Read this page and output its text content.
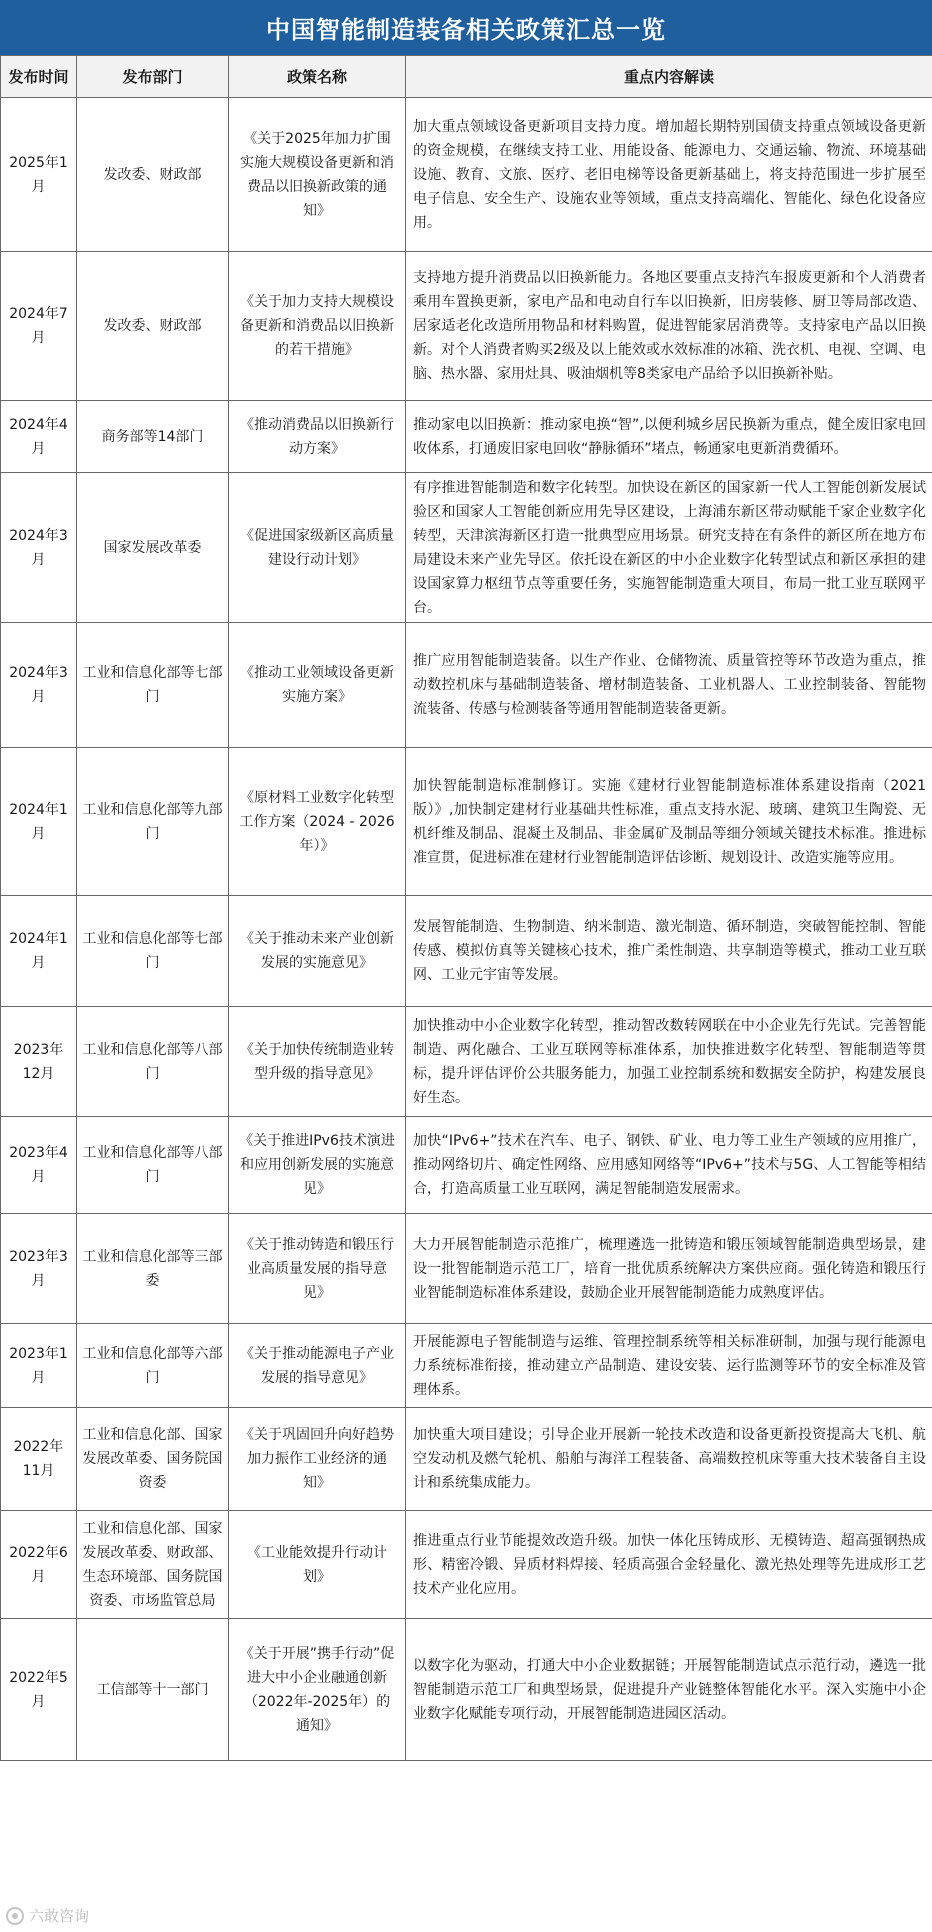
中国智能制造装备相关政策汇总一览
发布时间	发布部门	政策名称	重点内容解读
2025年1月	发改委、财政部	《关于2025年加力扩围实施大规模设备更新和消费品以旧换新政策的通知》	加大重点领域设备更新项目支持力度。增加超长期特别国债支持重点领域设备更新的资金规模，在继续支持工业、用能设备、能源电力、交通运输、物流、环境基础设施、教育、文旅、医疗、老旧电梯等设备更新基础上，将支持范围进一步扩展至电子信息、安全生产、设施农业等领域，重点支持高端化、智能化、绿色化设备应用。
2024年7月	发改委、财政部	《关于加力支持大规模设备更新和消费品以旧换新的若干措施》	支持地方提升消费品以旧换新能力。各地区要重点支持汽车报废更新和个人消费者乘用车置换更新，家电产品和电动自行车以旧换新，旧房装修、厨卫等局部改造、居家适老化改造所用物品和材料购置，促进智能家居消费等。支持家电产品以旧换新。对个人消费者购买2级及以上能效或水效标准的冰箱、洗衣机、电视、空调、电脑、热水器、家用灶具、吸油烟机等8类家电产品给予以旧换新补贴。
2024年4月	商务部等14部门	《推动消费品以旧换新行动方案》	推动家电以旧换新：推动家电换“智”,以便利城乡居民换新为重点，健全废旧家电回收体系，打通废旧家电回收“静脉循环”堵点，畅通家电更新消费循环。
2024年3月	国家发展改革委	《促进国家级新区高质量建设行动计划》	有序推进智能制造和数字化转型。加快设在新区的国家新一代人工智能创新发展试验区和国家人工智能创新应用先导区建设，上海浦东新区带动赋能千家企业数字化转型，天津滨海新区打造一批典型应用场景。研究支持在有条件的新区所在地方布局建设未来产业先导区。依托设在新区的中小企业数字化转型试点和新区承担的建设国家算力枢纽节点等重要任务，实施智能制造重大项目，布局一批工业互联网平台。
2024年3月	工业和信息化部等七部门	《推动工业领域设备更新实施方案》	推广应用智能制造装备。以生产作业、仓储物流、质量管控等环节改造为重点，推动数控机床与基础制造装备、增材制造装备、工业机器人、工业控制装备、智能物流装备、传感与检测装备等通用智能制造装备更新。
2024年1月	工业和信息化部等九部门	《原材料工业数字化转型工作方案（2024 - 2026年）》	加快智能制造标准制修订。实施《建材行业智能制造标准体系建设指南（2021版）》,加快制定建材行业基础共性标准，重点支持水泥、玻璃、建筑卫生陶瓷、无机纤维及制品、混凝土及制品、非金属矿及制品等细分领域关键技术标准。推进标准宣贯，促进标准在建材行业智能制造评估诊断、规划设计、改造实施等应用。
2024年1月	工业和信息化部等七部门	《关于推动未来产业创新发展的实施意见》	发展智能制造、生物制造、纳米制造、激光制造、循环制造，突破智能控制、智能传感、模拟仿真等关键核心技术，推广柔性制造、共享制造等模式，推动工业互联网、工业元宇宙等发展。
2023年12月	工业和信息化部等八部门	《关于加快传统制造业转型升级的指导意见》	加快推动中小企业数字化转型，推动智改数转网联在中小企业先行先试。完善智能制造、两化融合、工业互联网等标准体系，加快推进数字化转型、智能制造等贯标，提升评估评价公共服务能力，加强工业控制系统和数据安全防护，构建发展良好生态。
2023年4月	工业和信息化部等八部门	《关于推进IPv6技术演进和应用创新发展的实施意见》	加快“IPv6+”技术在汽车、电子、钢铁、矿业、电力等工业生产领域的应用推广，推动网络切片、确定性网络、应用感知网络等“IPv6+”技术与5G、人工智能等相结合，打造高质量工业互联网，满足智能制造发展需求。
2023年3月	工业和信息化部等三部委	《关于推动铸造和锻压行业高质量发展的指导意见》	大力开展智能制造示范推广，梳理遴选一批铸造和锻压领域智能制造典型场景，建设一批智能制造示范工厂，培育一批优质系统解决方案供应商。强化铸造和锻压行业智能制造标准体系建设，鼓励企业开展智能制造能力成熟度评估。
2023年1月	工业和信息化部等六部门	《关于推动能源电子产业发展的指导意见》	开展能源电子智能制造与运维、管理控制系统等相关标准研制，加强与现行能源电力系统标准衔接，推动建立产品制造、建设安装、运行监测等环节的安全标准及管理体系。
2022年11月	工业和信息化部、国家发展改革委、国务院国资委	《关于巩固回升向好趋势加力振作工业经济的通知》	加快重大项目建设；引导企业开展新一轮技术改造和设备更新投资提高大飞机、航空发动机及燃气轮机、船舶与海洋工程装备、高端数控机床等重大技术装备自主设计和系统集成能力。
2022年6月	工业和信息化部、国家发展改革委、财政部、生态环境部、国务院国资委、市场监管总局	《工业能效提升行动计划》	推进重点行业节能提效改造升级。加快一体化压铸成形、无模铸造、超高强钢热成形、精密冷锻、异质材料焊接、轻质高强合金轻量化、激光热处理等先进成形工艺技术产业化应用。
2022年5月	工信部等十一部门	《关于开展”携手行动”促进大中小企业融通创新（2022年-2025年）的通知》	以数字化为驱动，打通大中小企业数据链；开展智能制造试点示范行动，遴选一批智能制造示范工厂和典型场景，促进提升产业链整体智能化水平。深入实施中小企业数字化赋能专项行动，开展智能制造进园区活动。
六敢咨询
